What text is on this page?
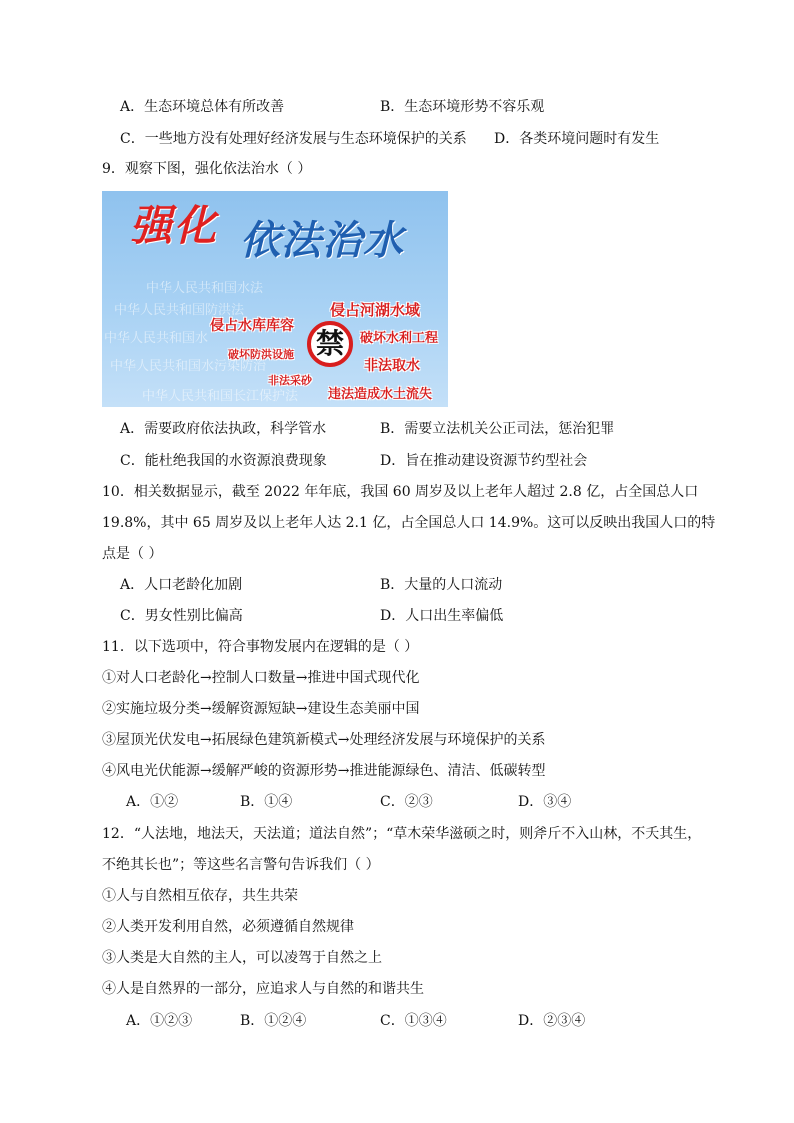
A．生态环境总体有所改善	B．生态环境形势不容乐观
C．一些地方没有处理好经济发展与生态环境保护的关系 D．各类环境问题时有发生
9．观察下图，强化依法治水（ ）
中华人民共和国水法
中华人民共和国防洪法
中华人民共和国水
中华人民共和国水污染防治
中华人民共和国长江保护法
强化 依法治水
侵占河湖水域
侵占水库库容
破坏水利工程
破坏防洪设施
非法取水
非法采砂
违法造成水土流失
禁
A．需要政府依法执政，科学管水	B．需要立法机关公正司法，惩治犯罪
C．能杜绝我国的水资源浪费现象	D．旨在推动建设资源节约型社会
10．相关数据显示，截至 2022 年年底，我国 60 周岁及以上老年人超过 2.8 亿，占全国总人口
19.8%，其中 65 周岁及以上老年人达 2.1 亿，占全国总人口 14.9%。这可以反映出我国人口的特
点是（ ）
A．人口老龄化加剧	B．大量的人口流动
C．男女性别比偏高	D．人口出生率偏低
11．以下选项中，符合事物发展内在逻辑的是（ ）
①对人口老龄化→控制人口数量→推进中国式现代化
②实施垃圾分类→缓解资源短缺→建设生态美丽中国
③屋顶光伏发电→拓展绿色建筑新模式→处理经济发展与环境保护的关系
④风电光伏能源→缓解严峻的资源形势→推进能源绿色、清洁、低碳转型
A．①②	B．①④	C．②③	D．③④
12．“人法地，地法天，天法道；道法自然”；“草木荣华滋硕之时，则斧斤不入山林，不夭其生，
不绝其长也”；等这些名言警句告诉我们（ ）
①人与自然相互依存，共生共荣
②人类开发利用自然，必须遵循自然规律
③人类是大自然的主人，可以凌驾于自然之上
④人是自然界的一部分，应追求人与自然的和谐共生
A．①②③	B．①②④	C．①③④	D．②③④
